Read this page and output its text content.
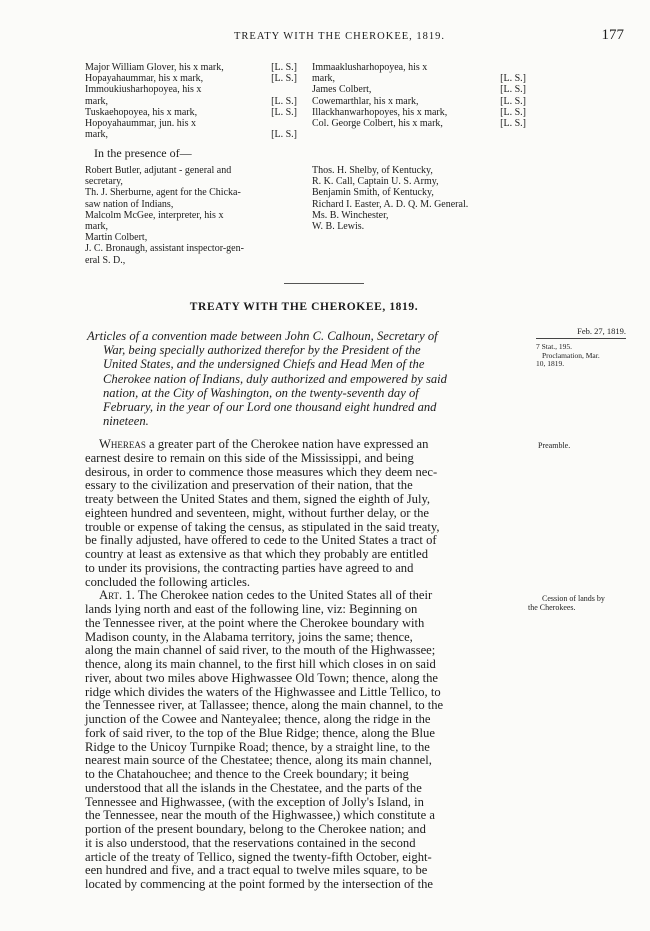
TREATY WITH THE CHEROKEE, 1819.	177
Major William Glover, his x mark,	[L. S.]
Hopayahaummar, his x mark,	[L. S.]
Immoukiusharhopoyea, his x
mark,	[L. S.]
Tuskaehopoyea, his x mark,	[L. S.]
Hopoyahaummar, jun. his x
mark,	[L. S.]
Immaaklusharhopoyea, his x
mark,	[L. S.]
James Colbert,	[L. S.]
Cowemarthlar, his x mark,	[L. S.]
Illackhanwarhopoyes, his x mark,	[L. S.]
Col. George Colbert, his x mark,	[L. S.]
In the presence of—
Robert Butler, adjutant - general and
secretary,
Th. J. Sherburne, agent for the Chicka-
saw nation of Indians,
Malcolm McGee, interpreter, his x
mark,
Martin Colbert,
J. C. Bronaugh, assistant inspector-gen-
eral S. D.,
Thos. H. Shelby, of Kentucky,
R. K. Call, Captain U. S. Army,
Benjamin Smith, of Kentucky,
Richard I. Easter, A. D. Q. M. General.
Ms. B. Winchester,
W. B. Lewis.
TREATY WITH THE CHEROKEE, 1819.
Articles of a convention made between John C. Calhoun, Secretary of
War, being specially authorized therefor by the President of the
United States, and the undersigned Chiefs and Head Men of the
Cherokee nation of Indians, duly authorized and empowered by said
nation, at the City of Washington, on the twenty-seventh day of
February, in the year of our Lord one thousand eight hundred and
nineteen.
Feb. 27, 1819.
7 Stat., 195.
Proclamation, Mar.
10, 1819.
Preamble.
Cession of lands by
the Cherokees.
Whereas a greater part of the Cherokee nation have expressed an
earnest desire to remain on this side of the Mississippi, and being
desirous, in order to commence those measures which they deem nec-
essary to the civilization and preservation of their nation, that the
treaty between the United States and them, signed the eighth of July,
eighteen hundred and seventeen, might, without further delay, or the
trouble or expense of taking the census, as stipulated in the said treaty,
be finally adjusted, have offered to cede to the United States a tract of
country at least as extensive as that which they probably are entitled
to under its provisions, the contracting parties have agreed to and
concluded the following articles.
Art. 1. The Cherokee nation cedes to the United States all of their
lands lying north and east of the following line, viz: Beginning on
the Tennessee river, at the point where the Cherokee boundary with
Madison county, in the Alabama territory, joins the same; thence,
along the main channel of said river, to the mouth of the Highwassee;
thence, along its main channel, to the first hill which closes in on said
river, about two miles above Highwassee Old Town; thence, along the
ridge which divides the waters of the Highwassee and Little Tellico, to
the Tennessee river, at Tallassee; thence, along the main channel, to the
junction of the Cowee and Nanteyalee; thence, along the ridge in the
fork of said river, to the top of the Blue Ridge; thence, along the Blue
Ridge to the Unicoy Turnpike Road; thence, by a straight line, to the
nearest main source of the Chestatee; thence, along its main channel,
to the Chatahouchee; and thence to the Creek boundary; it being
understood that all the islands in the Chestatee, and the parts of the
Tennessee and Highwassee, (with the exception of Jolly's Island, in
the Tennessee, near the mouth of the Highwassee,) which constitute a
portion of the present boundary, belong to the Cherokee nation; and
it is also understood, that the reservations contained in the second
article of the treaty of Tellico, signed the twenty-fifth October, eight-
een hundred and five, and a tract equal to twelve miles square, to be
located by commencing at the point formed by the intersection of the
